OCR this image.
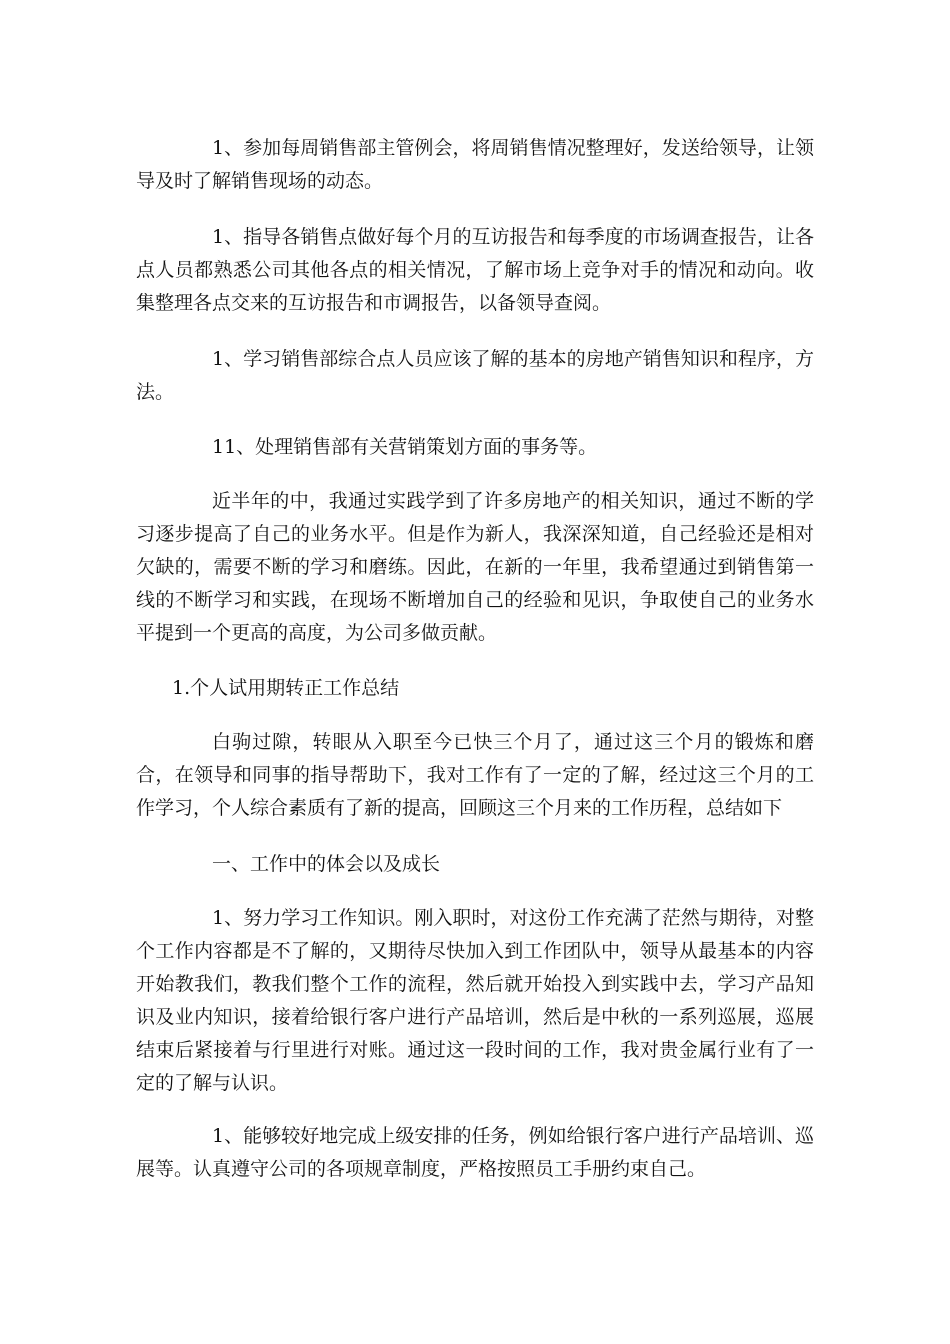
1、参加每周销售部主管例会，将周销售情况整理好，发送给领导，让领导及时了解销售现场的动态。

1、指导各销售点做好每个月的互访报告和每季度的市场调查报告，让各点人员都熟悉公司其他各点的相关情况，了解市场上竞争对手的情况和动向。收集整理各点交来的互访报告和市调报告，以备领导查阅。

1、学习销售部综合点人员应该了解的基本的房地产销售知识和程序，方法。

11、处理销售部有关营销策划方面的事务等。

近半年的中，我通过实践学到了许多房地产的相关知识，通过不断的学习逐步提高了自己的业务水平。但是作为新人，我深深知道，自己经验还是相对欠缺的，需要不断的学习和磨练。因此，在新的一年里，我希望通过到销售第一线的不断学习和实践，在现场不断增加自己的经验和见识，争取使自己的业务水平提到一个更高的高度，为公司多做贡献。

1.个人试用期转正工作总结

白驹过隙，转眼从入职至今已快三个月了，通过这三个月的锻炼和磨合，在领导和同事的指导帮助下，我对工作有了一定的了解，经过这三个月的工作学习，个人综合素质有了新的提高，回顾这三个月来的工作历程，总结如下

一、工作中的体会以及成长

1、努力学习工作知识。刚入职时，对这份工作充满了茫然与期待，对整个工作内容都是不了解的，又期待尽快加入到工作团队中，领导从最基本的内容开始教我们，教我们整个工作的流程，然后就开始投入到实践中去，学习产品知识及业内知识，接着给银行客户进行产品培训，然后是中秋的一系列巡展，巡展结束后紧接着与行里进行对账。通过这一段时间的工作，我对贵金属行业有了一定的了解与认识。

1、能够较好地完成上级安排的任务，例如给银行客户进行产品培训、巡展等。认真遵守公司的各项规章制度，严格按照员工手册约束自己。
